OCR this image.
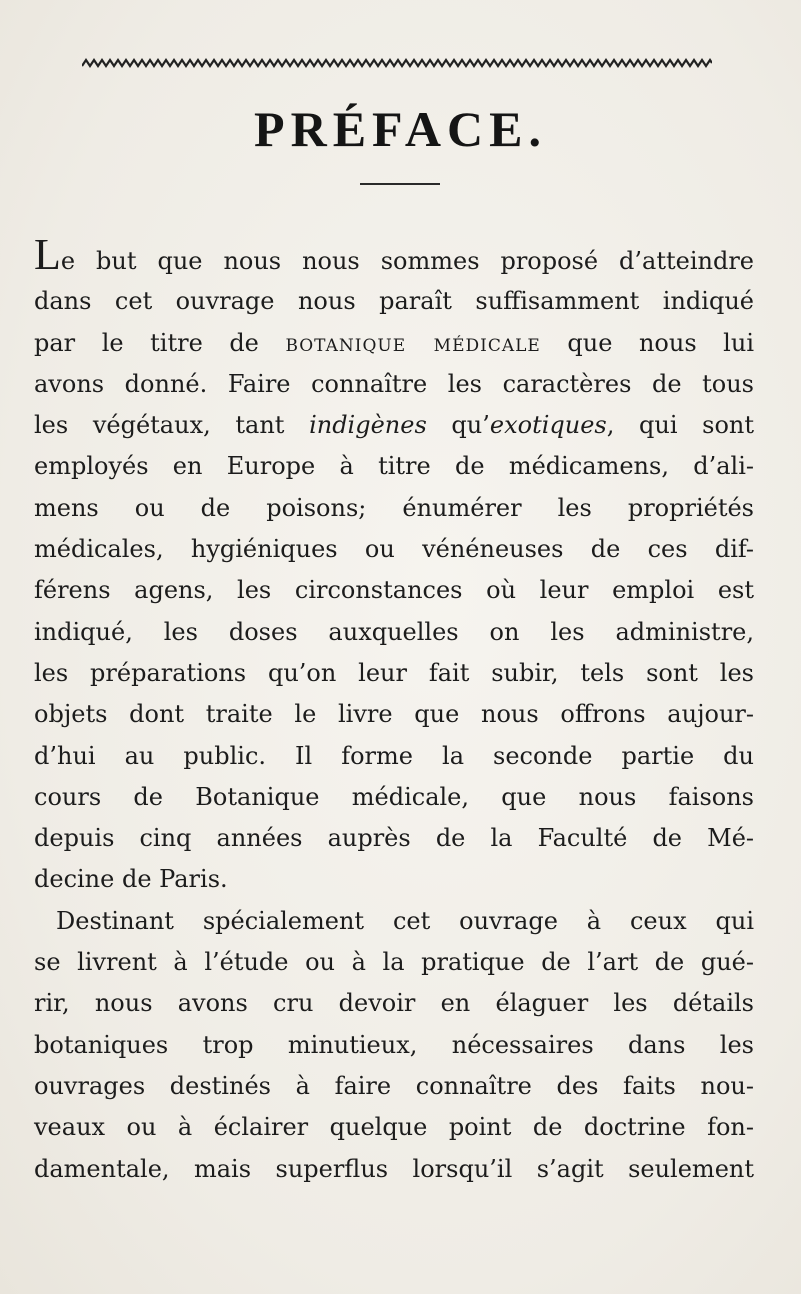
PRÉFACE.
Le but que nous nous sommes proposé d’atteindre
dans cet ouvrage nous paraît suffisamment indiqué
par le titre de botanique médicale que nous lui
avons donné. Faire connaître les caractères de tous
les végétaux, tant indigènes qu’exotiques, qui sont
employés en Europe à titre de médicamens, d’ali-
mens ou de poisons; énumérer les propriétés
médicales, hygiéniques ou vénéneuses de ces dif-
férens agens, les circonstances où leur emploi est
indiqué, les doses auxquelles on les administre,
les préparations qu’on leur fait subir, tels sont les
objets dont traite le livre que nous offrons aujour-
d’hui au public. Il forme la seconde partie du
cours de Botanique médicale, que nous faisons
depuis cinq années auprès de la Faculté de Mé-
decine de Paris.
Destinant spécialement cet ouvrage à ceux qui
se livrent à l’étude ou à la pratique de l’art de gué-
rir, nous avons cru devoir en élaguer les détails
botaniques trop minutieux, nécessaires dans les
ouvrages destinés à faire connaître des faits nou-
veaux ou à éclairer quelque point de doctrine fon-
damentale, mais superflus lorsqu’il s’agit seulement
